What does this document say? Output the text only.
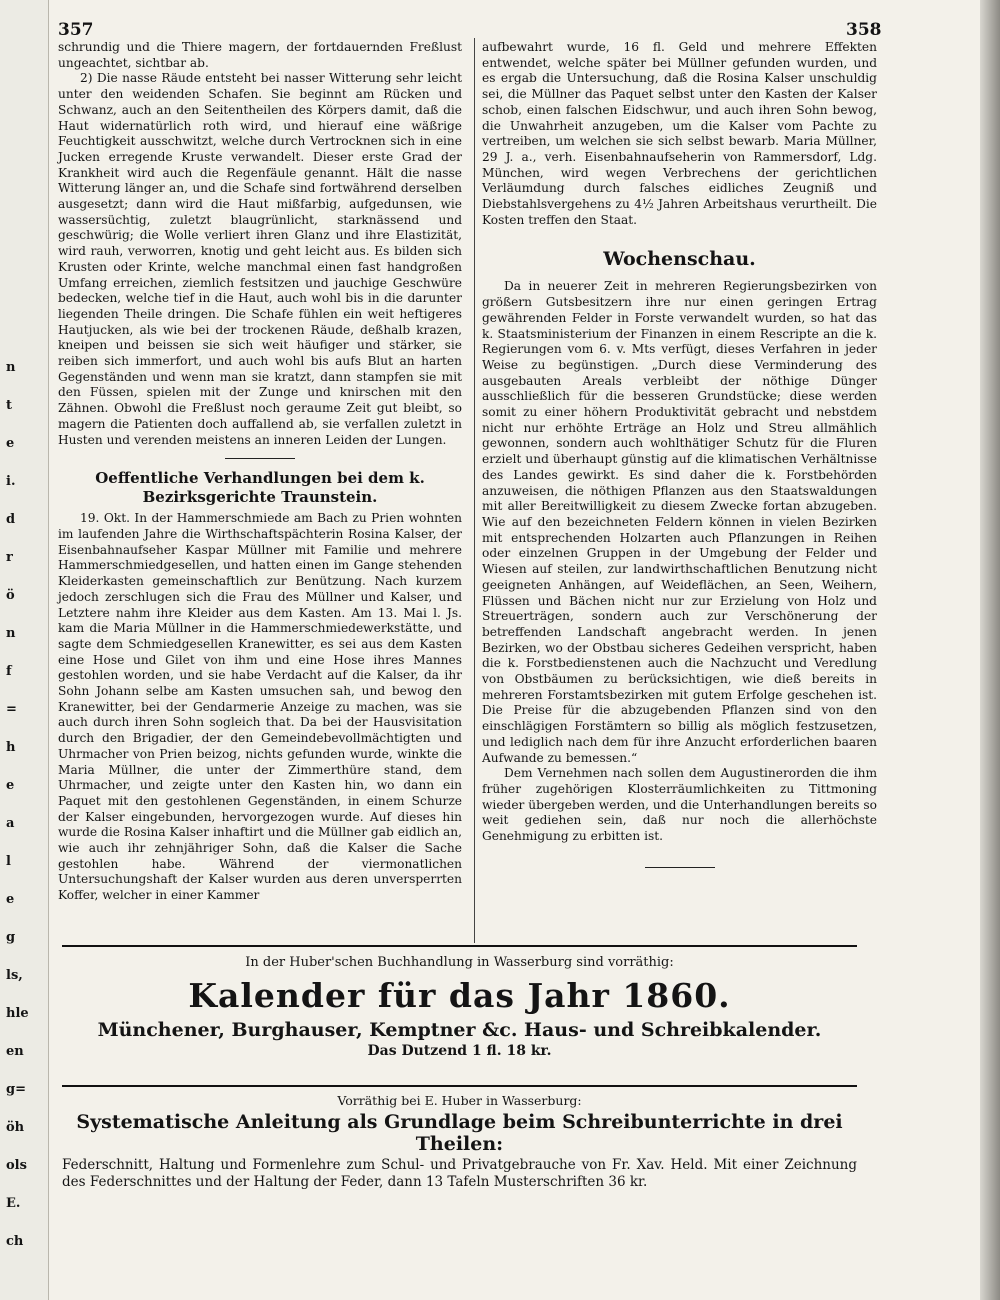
n
t
e
i.
d
r
ö
n
f
=
h
e
a
l
e
g
ls,
hle
en
g=
öh
ols
E.
ch
357	358

schrundig und die Thiere magern, der fortdauernden Freßlust ungeachtet, sichtbar ab.

2) Die nasse Räude entsteht bei nasser Witterung sehr leicht unter den weidenden Schafen. Sie beginnt am Rücken und Schwanz, auch an den Seitentheilen des Körpers damit, daß die Haut widernatürlich roth wird, und hierauf eine wäßrige Feuchtigkeit ausschwitzt, welche durch Vertrocknen sich in eine Jucken erregende Kruste verwandelt. Dieser erste Grad der Krankheit wird auch die Regenfäule genannt. Hält die nasse Witterung länger an, und die Schafe sind fortwährend derselben ausgesetzt; dann wird die Haut mißfarbig, aufgedunsen, wie wassersüchtig, zuletzt blaugrünlicht, starknässend und geschwürig; die Wolle verliert ihren Glanz und ihre Elastizität, wird rauh, verworren, knotig und geht leicht aus. Es bilden sich Krusten oder Krinte, welche manchmal einen fast handgroßen Umfang erreichen, ziemlich festsitzen und jauchige Geschwüre bedecken, welche tief in die Haut, auch wohl bis in die darunter liegenden Theile dringen. Die Schafe fühlen ein weit heftigeres Hautjucken, als wie bei der trockenen Räude, deßhalb krazen, kneipen und beissen sie sich weit häufiger und stärker, sie reiben sich immerfort, und auch wohl bis aufs Blut an harten Gegenständen und wenn man sie kratzt, dann stampfen sie mit den Füssen, spielen mit der Zunge und knirschen mit den Zähnen. Obwohl die Freßlust noch geraume Zeit gut bleibt, so magern die Patienten doch auffallend ab, sie verfallen zuletzt in Husten und verenden meistens an inneren Leiden der Lungen.

Oeffentliche Verhandlungen bei dem k. Bezirksgerichte Traunstein.

19. Okt. In der Hammerschmiede am Bach zu Prien wohnten im laufenden Jahre die Wirthschaftspächterin Rosina Kalser, der Eisenbahnaufseher Kaspar Müllner mit Familie und mehrere Hammerschmiedgesellen, und hatten einen im Gange stehenden Kleiderkasten gemeinschaftlich zur Benützung. Nach kurzem jedoch zerschlugen sich die Frau des Müllner und Kalser, und Letztere nahm ihre Kleider aus dem Kasten. Am 13. Mai l. Js. kam die Maria Müllner in die Hammerschmiedewerkstätte, und sagte dem Schmiedgesellen Kranewitter, es sei aus dem Kasten eine Hose und Gilet von ihm und eine Hose ihres Mannes gestohlen worden, und sie habe Verdacht auf die Kalser, da ihr Sohn Johann selbe am Kasten umsuchen sah, und bewog den Kranewitter, bei der Gendarmerie Anzeige zu machen, was sie auch durch ihren Sohn sogleich that. Da bei der Hausvisitation durch den Brigadier, der den Gemeindebevollmächtigten und Uhrmacher von Prien beizog, nichts gefunden wurde, winkte die Maria Müllner, die unter der Zimmerthüre stand, dem Uhrmacher, und zeigte unter den Kasten hin, wo dann ein Paquet mit den gestohlenen Gegenständen, in einem Schurze der Kalser eingebunden, hervorgezogen wurde. Auf dieses hin wurde die Rosina Kalser inhaftirt und die Müllner gab eidlich an, wie auch ihr zehnjähriger Sohn, daß die Kalser die Sache gestohlen habe. Während der viermonatlichen Untersuchungshaft der Kalser wurden aus deren unversperrten Koffer, welcher in einer Kammer

aufbewahrt wurde, 16 fl. Geld und mehrere Effekten entwendet, welche später bei Müllner gefunden wurden, und es ergab die Untersuchung, daß die Rosina Kalser unschuldig sei, die Müllner das Paquet selbst unter den Kasten der Kalser schob, einen falschen Eidschwur, und auch ihren Sohn bewog, die Unwahrheit anzugeben, um die Kalser vom Pachte zu vertreiben, um welchen sie sich selbst bewarb. Maria Müllner, 29 J. a., verh. Eisenbahnaufseherin von Rammersdorf, Ldg. München, wird wegen Verbrechens der gerichtlichen Verläumdung durch falsches eidliches Zeugniß und Diebstahlsvergehens zu 4½ Jahren Arbeitshaus verurtheilt. Die Kosten treffen den Staat.

Wochenschau.

Da in neuerer Zeit in mehreren Regierungsbezirken von größern Gutsbesitzern ihre nur einen geringen Ertrag gewährenden Felder in Forste verwandelt wurden, so hat das k. Staatsministerium der Finanzen in einem Rescripte an die k. Regierungen vom 6. v. Mts verfügt, dieses Verfahren in jeder Weise zu begünstigen. „Durch diese Verminderung des ausgebauten Areals verbleibt der nöthige Dünger ausschließlich für die besseren Grundstücke; diese werden somit zu einer höhern Produktivität gebracht und nebstdem nicht nur erhöhte Erträge an Holz und Streu allmählich gewonnen, sondern auch wohlthätiger Schutz für die Fluren erzielt und überhaupt günstig auf die klimatischen Verhältnisse des Landes gewirkt. Es sind daher die k. Forstbehörden anzuweisen, die nöthigen Pflanzen aus den Staatswaldungen mit aller Bereitwilligkeit zu diesem Zwecke fortan abzugeben. Wie auf den bezeichneten Feldern können in vielen Bezirken mit entsprechenden Holzarten auch Pflanzungen in Reihen oder einzelnen Gruppen in der Umgebung der Felder und Wiesen auf steilen, zur landwirthschaftlichen Benutzung nicht geeigneten Anhängen, auf Weideflächen, an Seen, Weihern, Flüssen und Bächen nicht nur zur Erzielung von Holz und Streuerträgen, sondern auch zur Verschönerung der betreffenden Landschaft angebracht werden. In jenen Bezirken, wo der Obstbau sicheres Gedeihen verspricht, haben die k. Forstbedienstenen auch die Nachzucht und Veredlung von Obstbäumen zu berücksichtigen, wie dieß bereits in mehreren Forstamtsbezirken mit gutem Erfolge geschehen ist. Die Preise für die abzugebenden Pflanzen sind von den einschlägigen Forstämtern so billig als möglich festzusetzen, und lediglich nach dem für ihre Anzucht erforderlichen baaren Aufwande zu bemessen.“

Dem Vernehmen nach sollen dem Augustinerorden die ihm früher zugehörigen Klosterräumlichkeiten zu Tittmoning wieder übergeben werden, und die Unterhandlungen bereits so weit gediehen sein, daß nur noch die allerhöchste Genehmigung zu erbitten ist.

In der Huber'schen Buchhandlung in Wasserburg sind vorräthig:
Kalender für das Jahr 1860.
Münchener, Burghauser, Kemptner &c. Haus- und Schreibkalender.
Das Dutzend 1 fl. 18 kr.
Vorräthig bei E. Huber in Wasserburg:
Systematische Anleitung als Grundlage beim Schreibunterrichte in drei Theilen:
Federschnitt, Haltung und Formenlehre zum Schul- und Privatgebrauche von Fr. Xav. Held. Mit einer Zeichnung des Federschnittes und der Haltung der Feder, dann 13 Tafeln Musterschriften 36 kr.
